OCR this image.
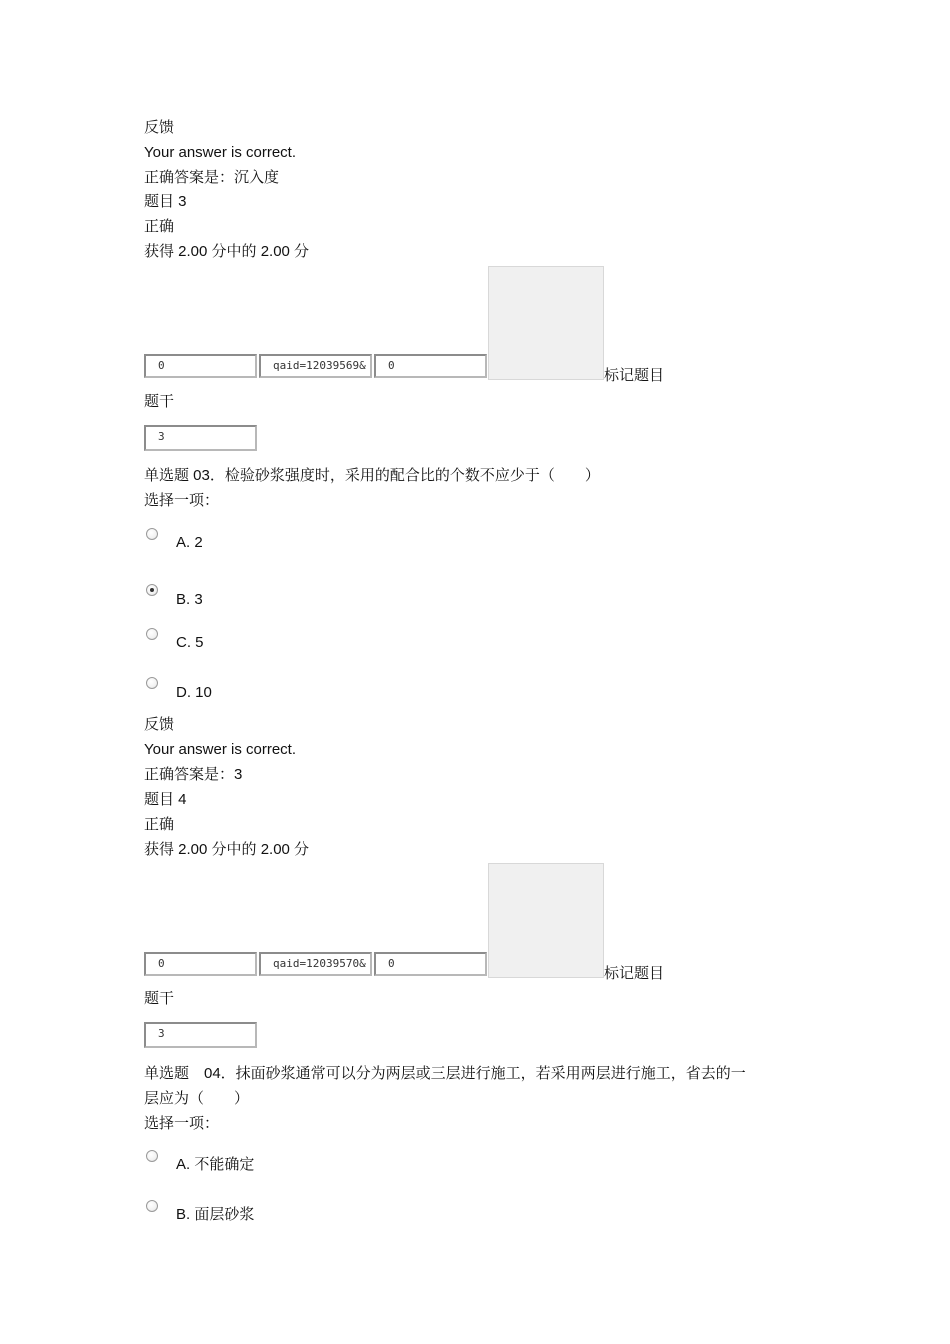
反馈
Your answer is correct.
正确答案是：沉入度
题目 3
正确
获得 2.00 分中的 2.00 分
0	qaid=12039569&	0
标记题目
题干
3
单选题 03．检验砂浆强度时，采用的配合比的个数不应少于（　　）
选择一项：
A. 2
B. 3
C. 5
D. 10
反馈
Your answer is correct.
正确答案是：3
题目 4
正确
获得 2.00 分中的 2.00 分
0	qaid=12039570&	0
标记题目
题干
3
单选题　04．抹面砂浆通常可以分为两层或三层进行施工，若采用两层进行施工，省去的一
层应为（　　）
选择一项：
A. 不能确定
B. 面层砂浆
